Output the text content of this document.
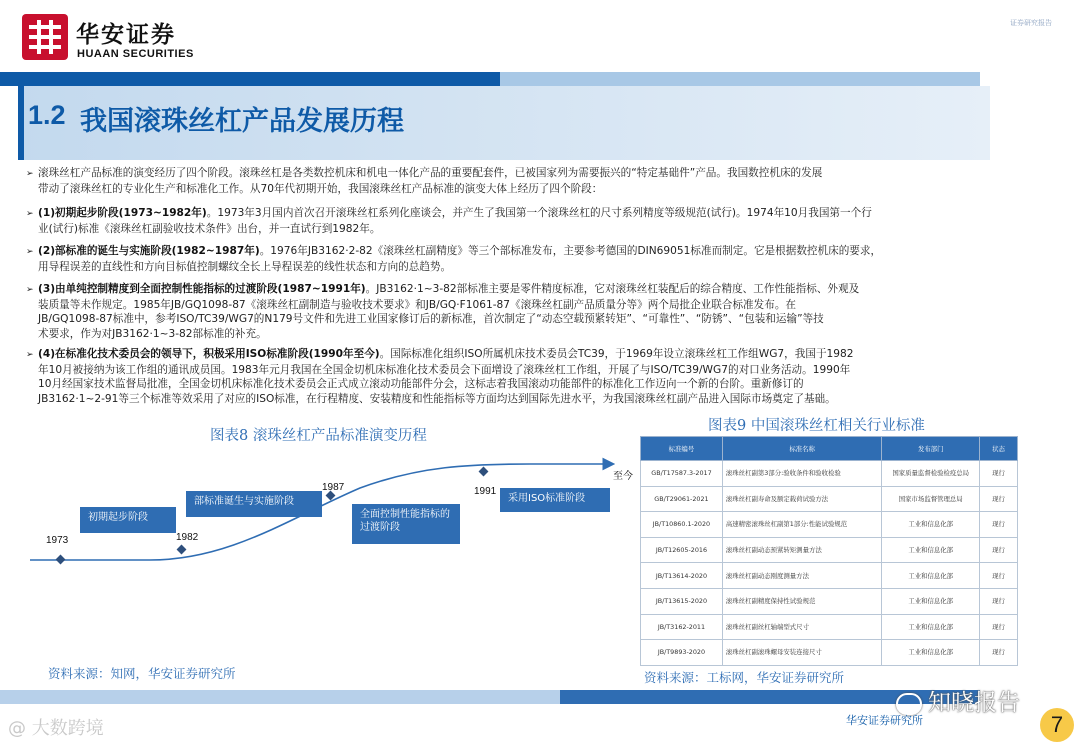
华安证券
HUAAN SECURITIES
证券研究报告
1.2 我国滚珠丝杠产品发展历程
➢ 滚珠丝杠产品标准的演变经历了四个阶段。滚珠丝杠是各类数控机床和机电一体化产品的重要配套件，已被国家列为需要振兴的“特定基础件”产品。我国数控机床的发展
带动了滚珠丝杠的专业化生产和标准化工作。从70年代初期开始，我国滚珠丝杠产品标准的演变大体上经历了四个阶段：
➢ (1)初期起步阶段(1973~1982年)。1973年3月国内首次召开滚珠丝杠系列化座谈会，并产生了我国第一个滚珠丝杠的尺寸系列精度等级规范(试行)。1974年10月我国第一个行
业(试行)标准《滚珠丝杠副验收技术条件》出台，并一直试行到1982年。
➢ (2)部标准的诞生与实施阶段(1982~1987年)。1976年JB3162·2-82《滚珠丝杠副精度》等三个部标准发布，主要参考德国的DIN69051标准而制定。它是根据数控机床的要求，
用导程误差的直线性和方向目标值控制螺纹全长上导程误差的线性状态和方向的总趋势。
➢ (3)由单纯控制精度到全面控制性能指标的过渡阶段(1987~1991年)。JB3162·1~3-82部标准主要是零件精度标准，它对滚珠丝杠装配后的综合精度、工作性能指标、外观及
装质量等未作规定。1985年JB/GQ1098-87《滚珠丝杠副制造与验收技术要求》和JB/GQ·F1061-87《滚珠丝杠副产品质量分等》两个局批企业联合标准发布。在
JB/GQ1098-87标准中，参考ISO/TC39/WG7的N179号文件和先进工业国家修订后的新标准，首次制定了“动态空载预紧转矩”、“可靠性”、“防锈”、“包装和运输”等技
术要求，作为对JB3162·1~3-82部标准的补充。
➢ (4)在标准化技术委员会的领导下，积极采用ISO标准阶段(1990年至今)。国际标准化组织ISO所属机床技术委员会TC39，于1969年设立滚珠丝杠工作组WG7，我国于1982
年10月被接纳为该工作组的通讯成员国。1983年元月我国在全国金切机床标准化技术委员会下面增设了滚珠丝杠工作组，开展了与ISO/TC39/WG7的对口业务活动。1990年
10月经国家技术监督局批准，全国金切机床标准化技术委员会正式成立滚动功能部件分会，这标志着我国滚动功能部件的标准化工作迈向一个新的台阶。重新修订的
JB3162·1~2-91等三个标准等效采用了对应的ISO标准，在行程精度、安装精度和性能指标等方面均达到国际先进水平，为我国滚珠丝杠副产品进入国际市场奠定了基础。
图表8 滚珠丝杠产品标准演变历程
1973	1982
1987	1991
至今
初期起步阶段
部标准诞生与实施阶段
全面控制性能指标的过渡阶段
采用ISO标准阶段
资料来源：知网，华安证券研究所
图表9 中国滚珠丝杠相关行业标准
标准编号	标准名称	发布部门	状态
GB/T17587.3-2017	滚珠丝杠副第3部分:验收条件和验收检验	国家质量监督检验检疫总局	现行
GB/T29061-2021	滚珠丝杠副寿命及额定载荷试验方法	国家市场监督管理总局	现行
JB/T10860.1-2020	高速精密滚珠丝杠副第1部分:性能试验规范	工业和信息化部	现行
JB/T12605-2016	滚珠丝杠副动态预紧转矩测量方法	工业和信息化部	现行
JB/T13614-2020	滚珠丝杠副动态刚度测量方法	工业和信息化部	现行
JB/T13615-2020	滚珠丝杠副精度保持性试验规范	工业和信息化部	现行
JB/T3162-2011	滚珠丝杠副丝杠轴端型式尺寸	工业和信息化部	现行
JB/T9893-2020	滚珠丝杠副滚珠螺母安装连接尺寸	工业和信息化部	现行
资料来源：工标网，华安证券研究所
知晓报告
华安证券研究所	7
@ 大数跨境
